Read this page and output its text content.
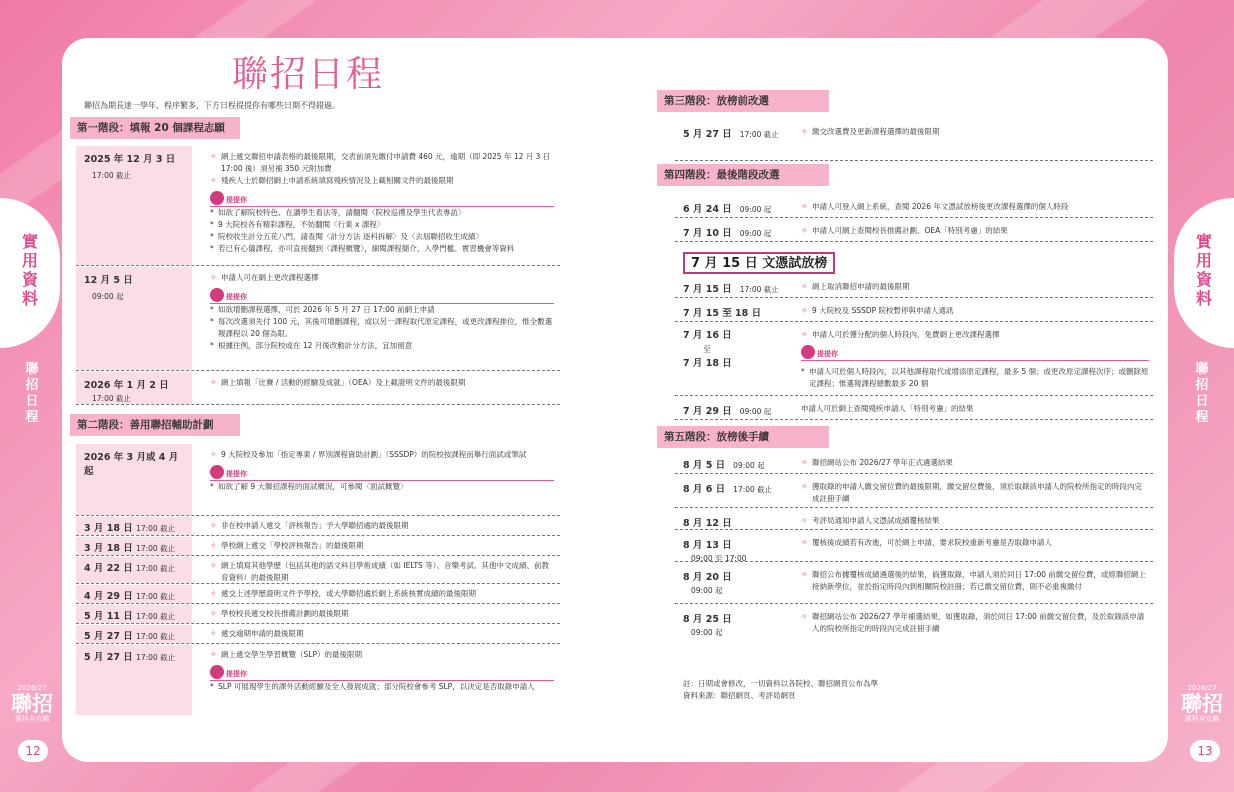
實
用
資
料
聯
招
日
程
2026/27
聯招
選科全攻略
12
實
用
資
料
聯
招
日
程
2026/27
聯招
選科全攻略
13
聯招日程
聯招為期長達一學年，程序繁多，下方日程提提你有哪些日期不得錯過。
第一階段：填報 20 個課程志願
2025 年 12 月 3 日
17:00 截止
✧ 網上遞交聯招申請表格的最後限期，交表前須先繳付申請費 460 元，逾期（即 2025 年 12 月 3 日 17:00 後）須另補 350 元附加費
✧ 殘疾人士於聯招網上申請系統填寫殘疾情況及上載相關文件的最後限期
提提你
* 如欲了解院校特色、在讀學生看法等，請翻閱〈院校巡禮及學生代表專訪〉
* 9 大院校各有精彩課程，不妨翻閱〈行業 x 課程〉
* 院校收生計分五花八門，請查閱〈計分方法 逐科拆解〉及〈去屆聯招收生成績〉
* 若已有心儀課程，亦可直接翻到〈課程概覽〉，細閱課程簡介、入學門檻、實習機會等資料
12 月 5 日
09:00 起
✧ 申請人可在網上更改課程選擇
提提你
* 如欲增刪課程選擇，可於 2026 年 5 月 27 日 17:00 前網上申請
* 每次改選須先付 100 元，其後可增刪課程，或以另一課程取代原定課程，或更改課程排位，惟全數選報課程以 20 個為限。
* 根據往例，部分院校或在 12 月後改動計分方法，宜加留意
2026 年 1 月 2 日
17:00 截止
✧ 網上填報「比賽 / 活動的經驗及成就」（OEA）及上載證明文件的最後限期
第二階段：善用聯招輔助計劃
2026 年 3 月或 4 月起
✧ 9 大院校及參加「指定專業 / 界別課程資助計劃」（SSSDP）的院校按課程而舉行面試或筆試
提提你
* 如欲了解 9 大聯招課程的面試概況，可參閱〈面試概覽〉
3 月 18 日 17:00 截止	✧ 非在校申請人遞交「評核報告」予大學聯招處的最後限期
3 月 18 日 17:00 截止	✧ 學校網上遞交「學校評核報告」的最後限期
4 月 22 日 17:00 截止	✧ 網上填寫其他學歷（包括其他的語文科目學術成績（如 IELTS 等）、音樂考試、其他中文成績、前教育資料）的最後限期
4 月 29 日 17:00 截止	✧ 遞交上述學歷證明文件予學校，或大學聯招處於網上系統核實成績的最後限期
5 月 11 日 17:00 截止	✧ 學校校長遞交校長推薦計劃的最後限期
5 月 27 日 17:00 截止	✧ 遞交逾期申請的最後限期
5 月 27 日 17:00 截止	✧ 網上遞交學生學習概覽（SLP）的最後限期
提提你
* SLP 可展現學生的課外活動經驗及全人發展成就；部分院校會參考 SLP，以決定是否取錄申請人
第三階段：放榜前改選
5 月 27 日 17:00 截止	✧ 繳交改選費及更新課程選擇的最後限期
第四階段：最後階段改選
6 月 24 日 09:00 起	✧ 申請人可登入網上系統，查閱 2026 年文憑試放榜後更改課程選擇的個人時段
7 月 10 日 09:00 起	✧ 申請人可網上查閱校長推薦計劃、OEA「特別考慮」的結果
7 月 15 日 文憑試放榜
7 月 15 日 17:00 截止	✧ 網上取消聯招申請的最後限期
7 月 15 至 18 日	✧ 9 大院校及 SSSDP 院校暫停與申請人通訊
7 月 16 日
至
7 月 18 日
✧ 申請人可於獲分配的個人時段內，免費網上更改課程選擇
提提你
* 申請人可於個人時段內，以其他課程取代或增添原定課程，最多 5 個；或更改原定課程次序；或刪除原定課程；惟選報課程總數最多 20 個
7 月 29 日 09:00 起	申請人可於網上查閱殘疾申請人「特別考慮」的結果
第五階段：放榜後手續
8 月 5 日 09:00 起	✧ 聯招網站公布 2026/27 學年正式遴選結果
8 月 6 日 17:00 截止	✧ 獲取錄的申請人繳交留位費的最後限期，繳交留位費後，須於取錄該申請人的院校所指定的時段內完成註冊手續
8 月 12 日	✧ 考評局通知申請人文憑試成績覆核結果
8 月 13 日
09:00 至 17:00
✧ 覆核後成績若有改進，可於網上申請，要求院校重新考慮是否取錄申請人
8 月 20 日
09:00 起
✧ 聯招公布據覆核成績遴選後的結果，倘獲取錄，申請人須於同日 17:00 前繳交留位費，或經聯招網上接納新學位，並於指定時段內到相關院校註冊；若已繳交留位費，則不必重複繳付
8 月 25 日
09:00 起
✧ 聯招網站公布 2026/27 學年補選結果，如獲取錄，須於同日 17:00 前繳交留位費，及於取錄該申請人的院校所指定的時段內完成註冊手續
註：日期或會修改，一切資料以各院校、聯招網頁公布為準
資料來源：聯招網頁、考評局網頁
